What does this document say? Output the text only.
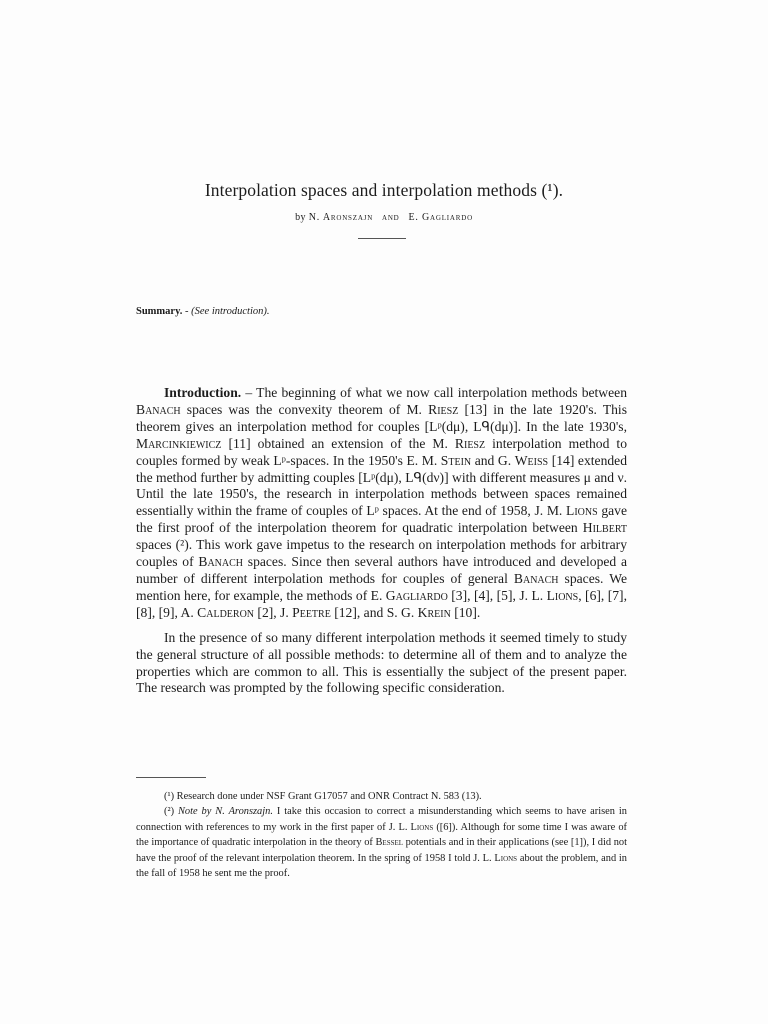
Interpolation spaces and interpolation methods (¹).
by N. Aronszajn and E. Gagliardo
Summary. - (See introduction).

Introduction. – The beginning of what we now call interpolation methods between Banach spaces was the convexity theorem of M. Riesz [13] in the late 1920's. This theorem gives an interpolation method for couples [Lᵖ(dμ), Lᑫ(dμ)]. In the late 1930's, Marcinkiewicz [11] obtained an extension of the M. Riesz interpolation method to couples formed by weak Lᵖ-spaces. In the 1950's E. M. Stein and G. Weiss [14] extended the method further by admitting couples [Lᵖ(dμ), Lᑫ(dν)] with different measures μ and ν. Until the late 1950's, the research in interpolation methods between spaces remained essentially within the frame of couples of Lᵖ spaces. At the end of 1958, J. M. Lions gave the first proof of the interpolation theorem for quadratic interpolation between Hilbert spaces (²). This work gave impetus to the research on interpolation methods for arbitrary couples of Banach spaces. Since then several authors have introduced and developed a number of different interpolation methods for couples of general Banach spaces. We mention here, for example, the methods of E. Gagliardo [3], [4], [5], J. L. Lions, [6], [7], [8], [9], A. Calderon [2], J. Peetre [12], and S. G. Krein [10].

In the presence of so many different interpolation methods it seemed timely to study the general structure of all possible methods: to determine all of them and to analyze the properties which are common to all. This is essentially the subject of the present paper. The research was prompted by the following specific consideration.

(¹) Research done under NSF Grant G17057 and ONR Contract N. 583 (13).

(²) Note by N. Aronszajn. I take this occasion to correct a misunderstanding which seems to have arisen in connection with references to my work in the first paper of J. L. Lions ([6]). Although for some time I was aware of the importance of quadratic interpolation in the theory of Bessel potentials and in their applications (see [1]), I did not have the proof of the relevant interpolation theorem. In the spring of 1958 I told J. L. Lions about the problem, and in the fall of 1958 he sent me the proof.
